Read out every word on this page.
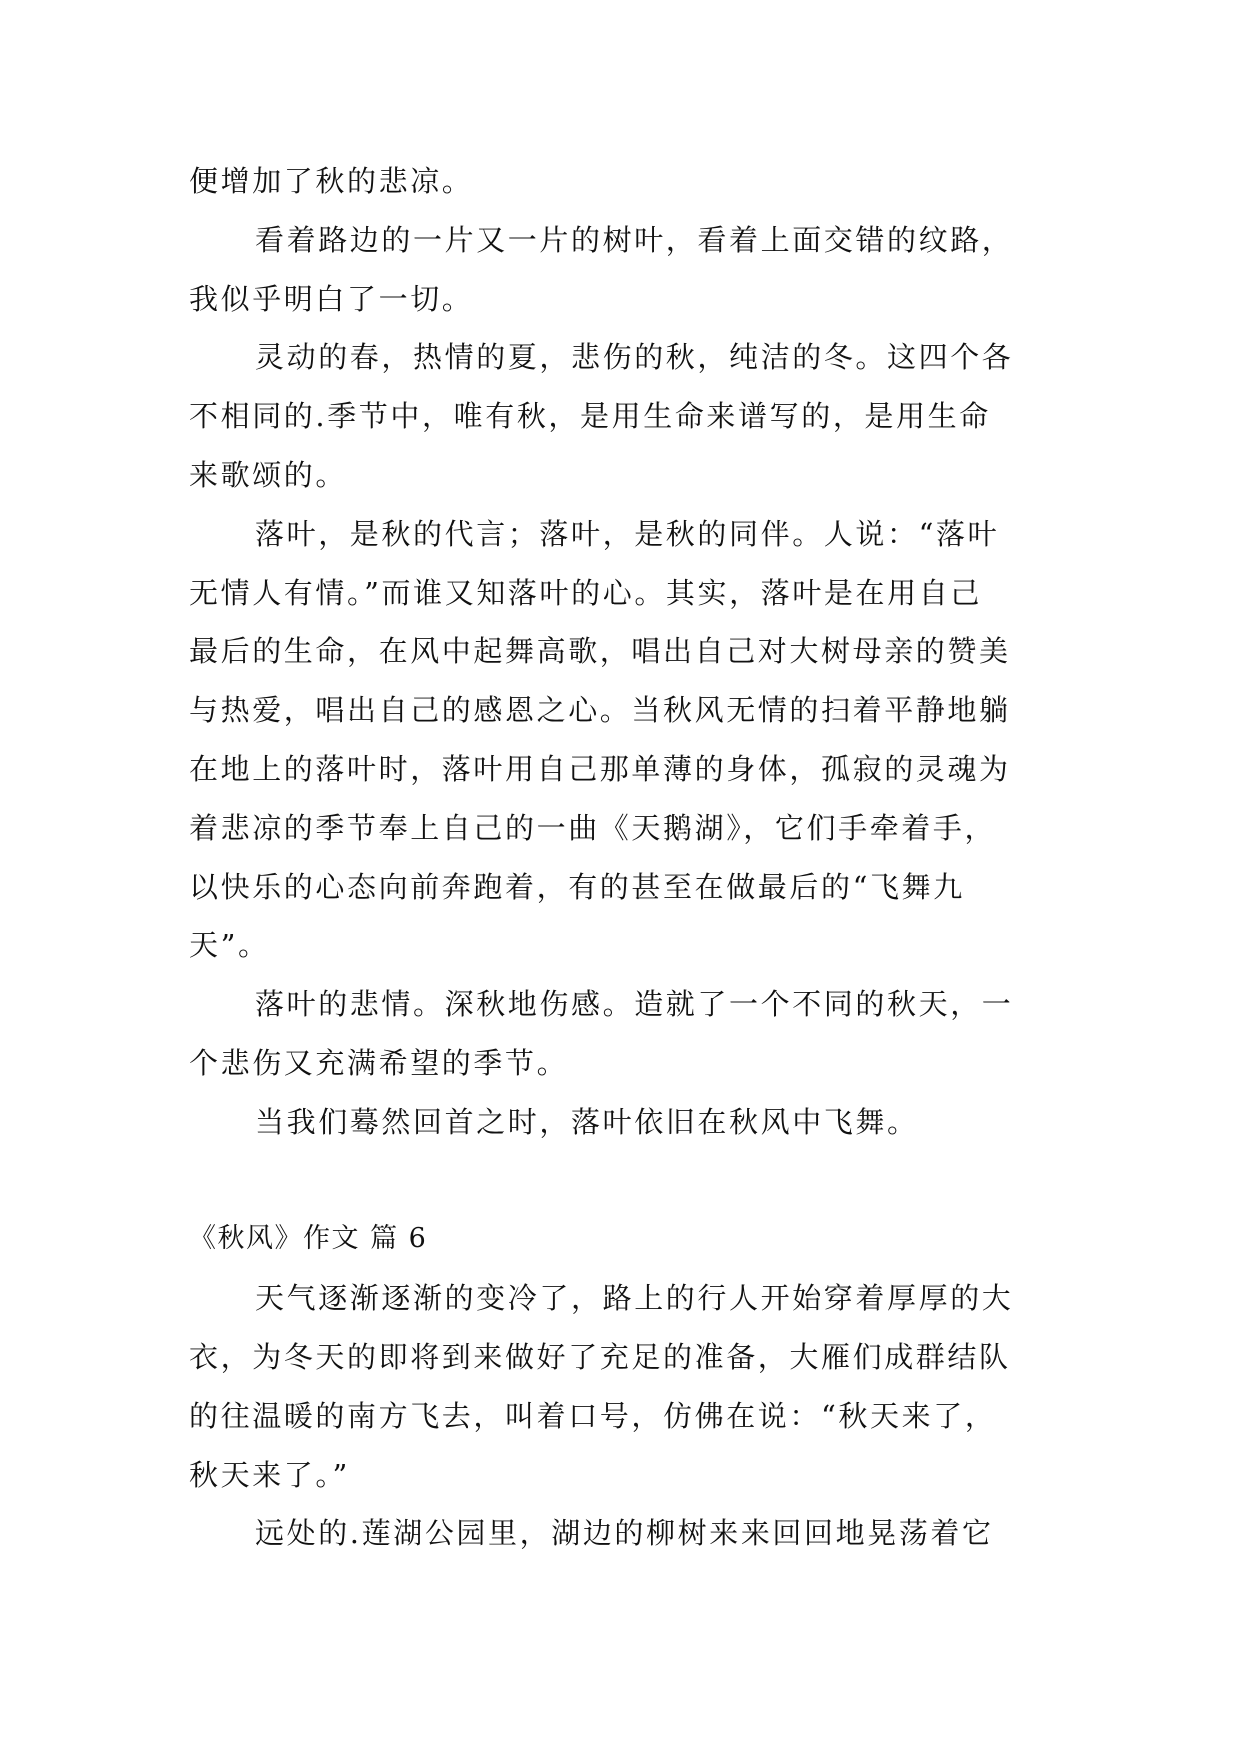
便增加了秋的悲凉。
看着路边的一片又一片的树叶，看着上面交错的纹路，
我似乎明白了一切。
灵动的春，热情的夏，悲伤的秋，纯洁的冬。这四个各
不相同的.季节中，唯有秋，是用生命来谱写的，是用生命
来歌颂的。
落叶，是秋的代言；落叶，是秋的同伴。人说：“落叶
无情人有情。”而谁又知落叶的心。其实，落叶是在用自己
最后的生命，在风中起舞高歌，唱出自己对大树母亲的赞美
与热爱，唱出自己的感恩之心。当秋风无情的扫着平静地躺
在地上的落叶时，落叶用自己那单薄的身体，孤寂的灵魂为
着悲凉的季节奉上自己的一曲《天鹅湖》，它们手牵着手，
以快乐的心态向前奔跑着，有的甚至在做最后的“飞舞九
天”。
落叶的悲情。深秋地伤感。造就了一个不同的秋天，一
个悲伤又充满希望的季节。
当我们蓦然回首之时，落叶依旧在秋风中飞舞。
《秋风》作文 篇 6
天气逐渐逐渐的变冷了，路上的行人开始穿着厚厚的大
衣，为冬天的即将到来做好了充足的准备，大雁们成群结队
的往温暖的南方飞去，叫着口号，仿佛在说：“秋天来了，
秋天来了。”
远处的.莲湖公园里，湖边的柳树来来回回地晃荡着它
